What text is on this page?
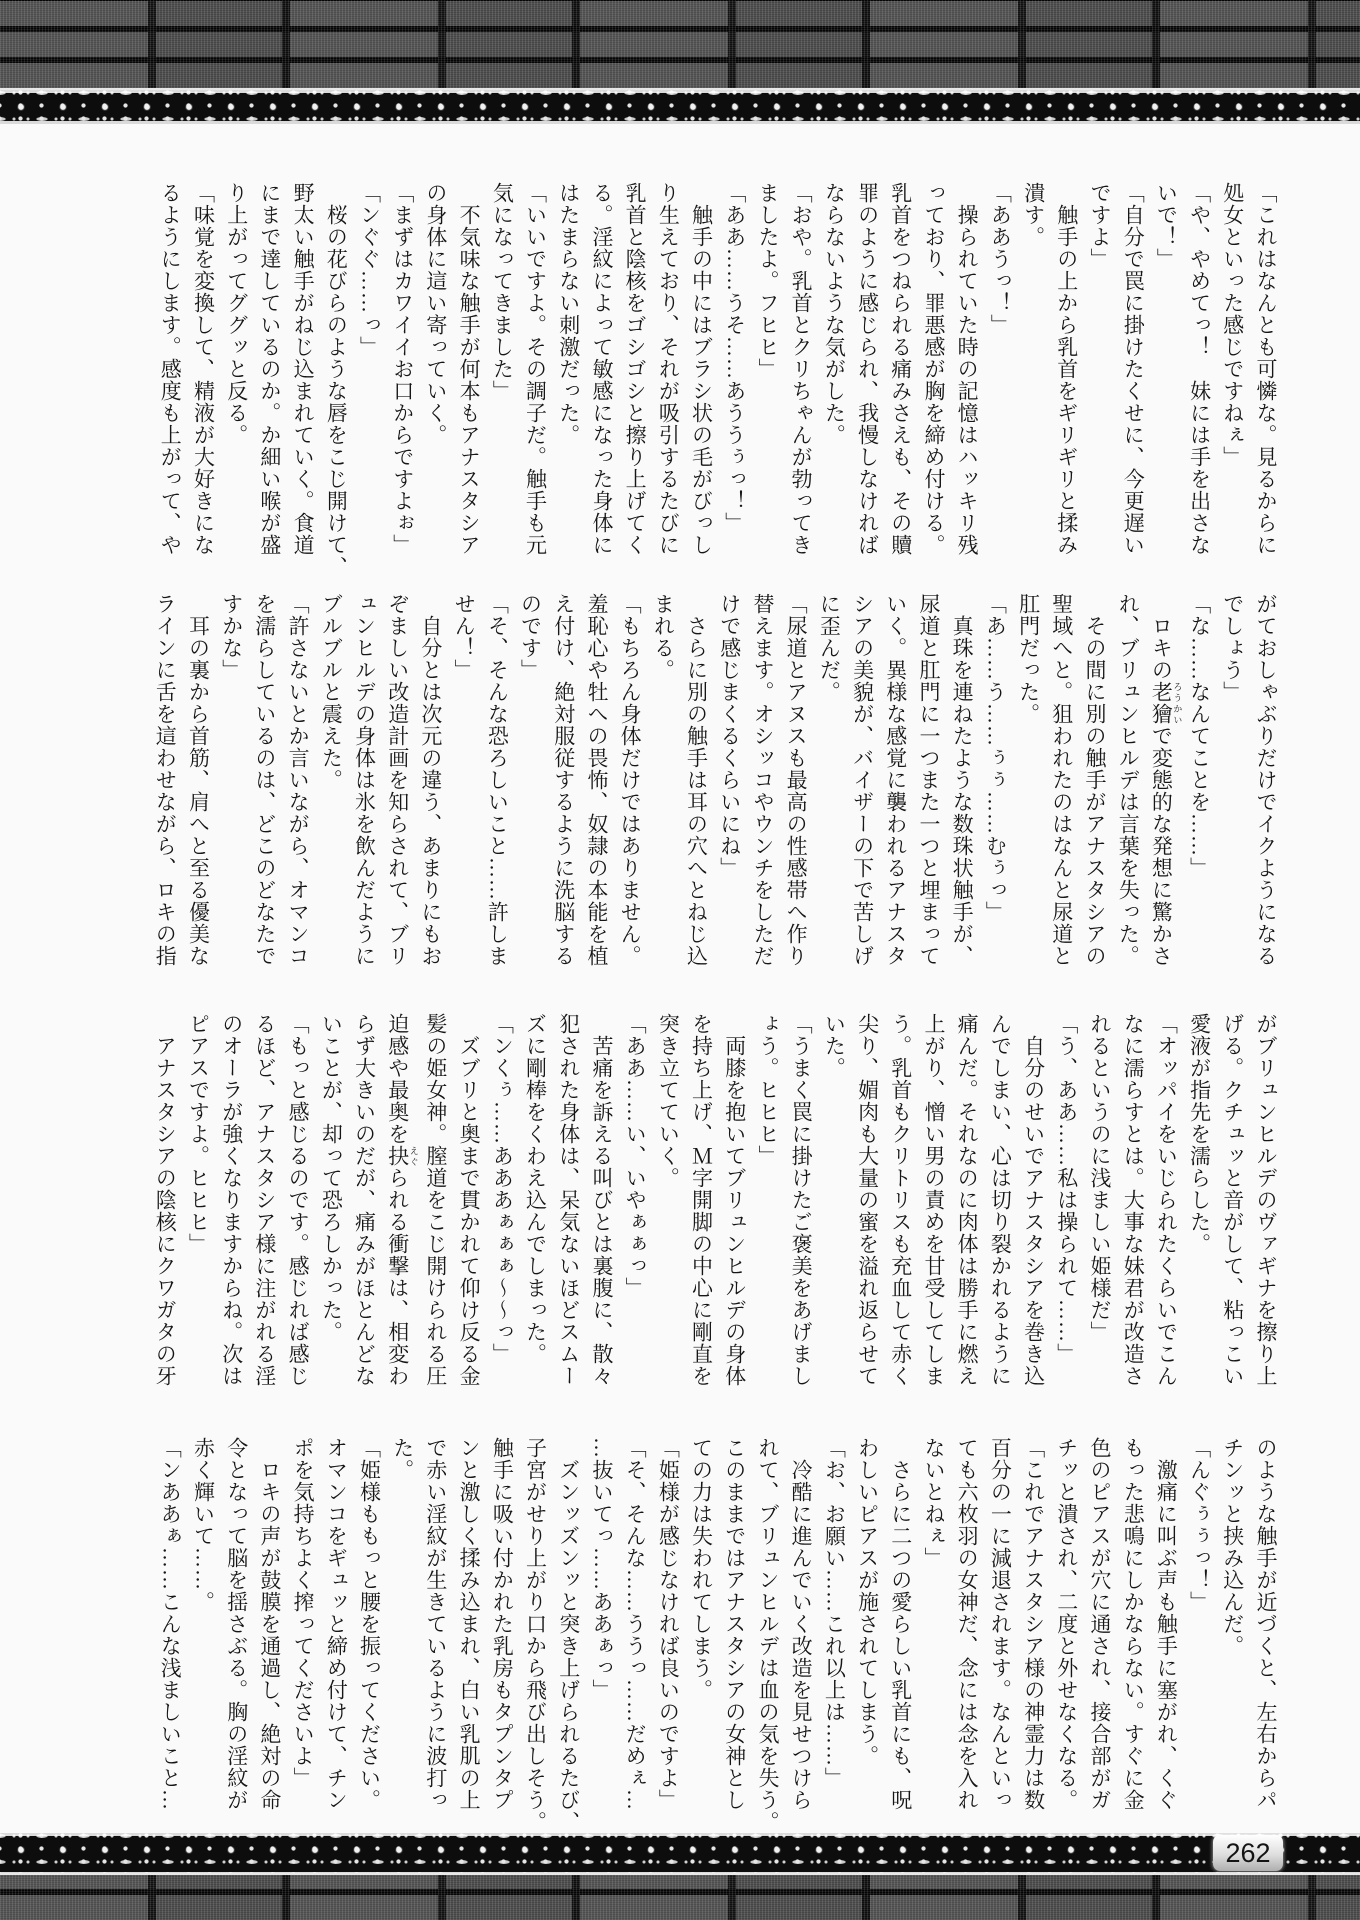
「これはなんとも可憐な。見るからに
処女といった感じですねぇ」
「や、やめてっ！　妹には手を出さな
いで！」
「自分で罠に掛けたくせに、今更遅い
ですよ」
　触手の上から乳首をギリギリと揉み
潰す。
「ああうっ！」
　操られていた時の記憶はハッキリ残
っており、罪悪感が胸を締め付ける。
乳首をつねられる痛みさえも、その贖
罪のように感じられ、我慢しなければ
ならないような気がした。
「おや。乳首とクリちゃんが勃ってき
ましたよ。フヒヒ」
「ああ……うそ……あううぅっ！」
　触手の中にはブラシ状の毛がびっし
り生えており、それが吸引するたびに
乳首と陰核をゴシゴシと擦り上げてく
る。淫紋によって敏感になった身体に
はたまらない刺激だった。
「いいですよ。その調子だ。触手も元
気になってきました」
　不気味な触手が何本もアナスタシア
の身体に這い寄っていく。
「まずはカワイイお口からですよぉ」
「ンぐぐ……っ」
　桜の花びらのような唇をこじ開けて、
野太い触手がねじ込まれていく。食道
にまで達しているのか。か細い喉が盛
り上がってググッと反る。
「味覚を変換して、精液が大好きにな
るようにします。感度も上がって、や
がておしゃぶりだけでイクようになる
でしょう」
「な……なんてことを……」
　ロキの老獪 ろうかいで変態的な発想に驚かさ
れ、ブリュンヒルデは言葉を失った。
　その間に別の触手がアナスタシアの
聖域へと。狙われたのはなんと尿道と
肛門だった。
「あ……う……ぅぅ……むぅっ」
　真珠を連ねたような数珠状触手が、
尿道と肛門に一つまた一つと埋まって
いく。異様な感覚に襲われるアナスタ
シアの美貌が、バイザーの下で苦しげ
に歪んだ。
「尿道とアヌスも最高の性感帯へ作り
替えます。オシッコやウンチをしただ
けで感じまくるくらいにね」
　さらに別の触手は耳の穴へとねじ込
まれる。
「もちろん身体だけではありません。
羞恥心や牡への畏怖、奴隷の本能を植
え付け、絶対服従するように洗脳する
のです」
「そ、そんな恐ろしいこと……許しま
せん！」
　自分とは次元の違う、あまりにもお
ぞましい改造計画を知らされて、ブリ
ュンヒルデの身体は氷を飲んだように
ブルブルと震えた。
「許さないとか言いながら、オマンコ
を濡らしているのは、どこのどなたで
すかな」
　耳の裏から首筋、肩へと至る優美な
ラインに舌を這わせながら、ロキの指
がブリュンヒルデのヴァギナを擦り上
げる。クチュッと音がして、粘っこい
愛液が指先を濡らした。
「オッパイをいじられたくらいでこん
なに濡らすとは。大事な妹君が改造さ
れるというのに浅ましい姫様だ」
「う、ああ……私は操られて……」
　自分のせいでアナスタシアを巻き込
んでしまい、心は切り裂かれるように
痛んだ。それなのに肉体は勝手に燃え
上がり、憎い男の責めを甘受してしま
う。乳首もクリトリスも充血して赤く
尖り、媚肉も大量の蜜を溢れ返らせて
いた。
「うまく罠に掛けたご褒美をあげまし
ょう。ヒヒヒ」
　両膝を抱いてブリュンヒルデの身体
を持ち上げ、Ｍ字開脚の中心に剛直を
突き立てていく。
「ああ……い、いやぁぁっ」
　苦痛を訴える叫びとは裏腹に、散々
犯された身体は、呆気ないほどスムー
ズに剛棒をくわえ込んでしまった。
「ンくぅ……あああぁぁぁ～～っ」
　ズブリと奥まで貫かれて仰け反る金
髪の姫女神。膣道をこじ開けられる圧
迫感や最奥を抉 えぐられる衝撃は、相変わ
らず大きいのだが、痛みがほとんどな
いことが、却って恐ろしかった。
「もっと感じるのです。感じれば感じ
るほど、アナスタシア様に注がれる淫
のオーラが強くなりますからね。次は
ピアスですよ。ヒヒヒ」
　アナスタシアの陰核にクワガタの牙
のような触手が近づくと、左右からパ
チンッと挟み込んだ。
「んぐぅぅっ！」
　激痛に叫ぶ声も触手に塞がれ、くぐ
もった悲鳴にしかならない。すぐに金
色のピアスが穴に通され、接合部がガ
チッと潰され、二度と外せなくなる。
「これでアナスタシア様の神霊力は数
百分の一に減退されます。なんといっ
ても六枚羽の女神だ、念には念を入れ
ないとねぇ」
　さらに二つの愛らしい乳首にも、呪
わしいピアスが施されてしまう。
「お、お願い……これ以上は……」
　冷酷に進んでいく改造を見せつけら
れて、ブリュンヒルデは血の気を失う。
このままではアナスタシアの女神とし
ての力は失われてしまう。
「姫様が感じなければ良いのですよ」
「そ、そんな……ううっ……だめぇ…
…抜いてっ……ああぁっ」
　ズンッズンッと突き上げられるたび、
子宮がせり上がり口から飛び出しそう。
触手に吸い付かれた乳房もタプンタプ
ンと激しく揉み込まれ、白い乳肌の上
で赤い淫紋が生きているように波打っ
た。
「姫様ももっと腰を振ってください。
オマンコをギュッと締め付けて、チン
ポを気持ちよく搾ってくださいよ」
　ロキの声が鼓膜を通過し、絶対の命
令となって脳を揺さぶる。胸の淫紋が
赤く輝いて……。
「ンああぁ……こんな浅ましいこと…
262
